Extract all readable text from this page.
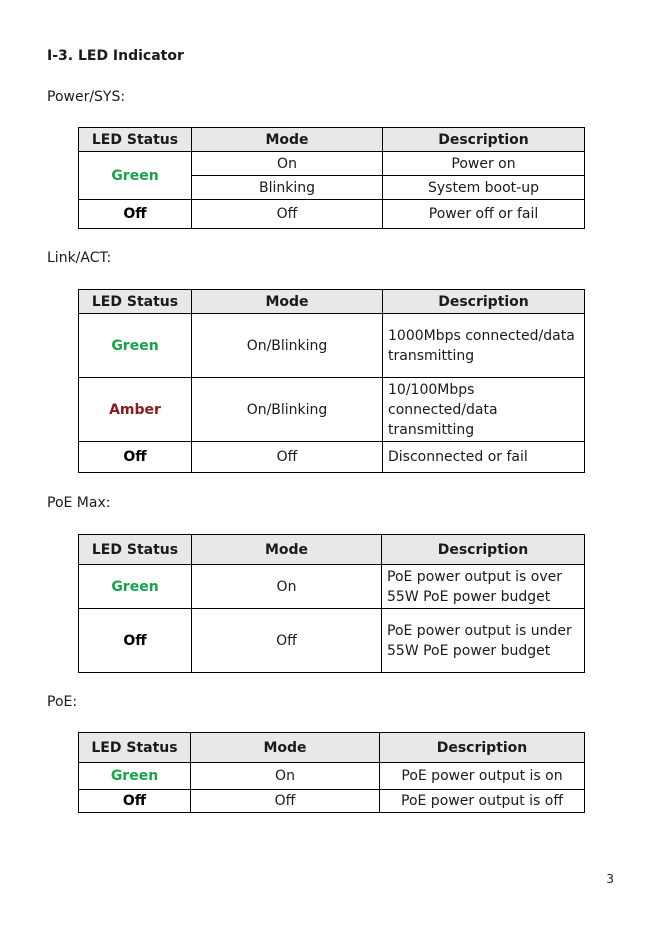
I-3. LED Indicator
Power/SYS:
LED Status	Mode	Description
Green	On	Power on
	Blinking	System boot-up
Off	Off	Power off or fail
Link/ACT:
LED Status	Mode	Description
Green	On/Blinking	1000Mbps connected/data transmitting
Amber	On/Blinking	10/100Mbps connected/data transmitting
Off	Off	Disconnected or fail
PoE Max:
LED Status	Mode	Description
Green	On	PoE power output is over 55W PoE power budget
Off	Off	PoE power output is under 55W PoE power budget
PoE:
LED Status	Mode	Description
Green	On	PoE power output is on
Off	Off	PoE power output is off
3
